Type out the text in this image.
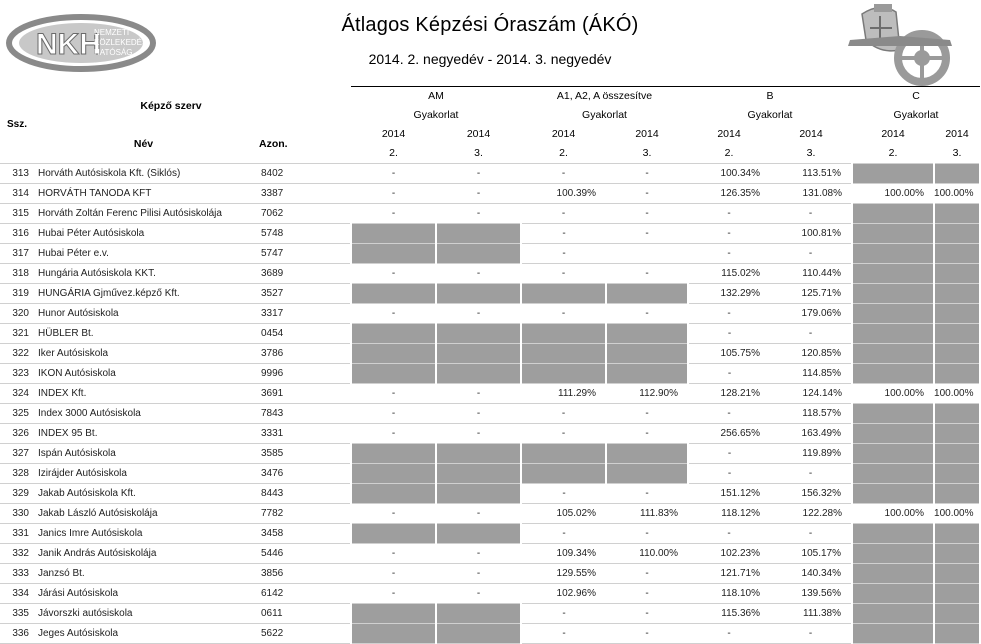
NKH
NEMZETI
KÖZLEKEDÉSI
HATÓSÁG
Átlagos Képzési Óraszám (ÁKÓ)
2014. 2. negyedév - 2014. 3. negyedév
Ssz.	Képző szerv			AM		A1, A2, A összesítve		B		C	
				Gyakorlat		Gyakorlat		Gyakorlat		Gyakorlat	
	Név	Azon.		2014	2014	2014	2014	2014	2014	2014	2014
				2.	3.	2.	3.	2.	3.	2.	3.
313	Horváth Autósiskola Kft. (Siklós)	8402		-	-	-	-	100.34%	113.51%		
314	HORVÁTH TANODA KFT	3387		-	-	100.39%	-	126.35%	131.08%	100.00%	100.00%
315	Horváth Zoltán Ferenc Pilisi Autósiskolája	7062		-	-	-	-	-	-		
316	Hubai Péter Autósiskola	5748				-	-	-	100.81%		
317	Hubai Péter e.v.	5747				-		-	-		
318	Hungária Autósiskola KKT.	3689		-	-	-	-	115.02%	110.44%		
319	HUNGÁRIA Gjművez.képző Kft.	3527						132.29%	125.71%		
320	Hunor Autósiskola	3317		-	-	-	-	-	179.06%		
321	HÜBLER Bt.	0454						-	-		
322	Iker Autósiskola	3786						105.75%	120.85%		
323	IKON Autósiskola	9996						-	114.85%		
324	INDEX Kft.	3691		-	-	111.29%	112.90%	128.21%	124.14%	100.00%	100.00%
325	Index 3000 Autósiskola	7843		-	-	-	-	-	118.57%		
326	INDEX 95 Bt.	3331		-	-	-	-	256.65%	163.49%		
327	Ispán Autósiskola	3585						-	119.89%		
328	Izirájder Autósiskola	3476						-	-		
329	Jakab Autósiskola Kft.	8443				-	-	151.12%	156.32%		
330	Jakab László Autósiskolája	7782		-	-	105.02%	111.83%	118.12%	122.28%	100.00%	100.00%
331	Janics Imre Autósiskola	3458				-	-	-	-		
332	Janik András Autósiskolája	5446		-	-	109.34%	110.00%	102.23%	105.17%		
333	Janzsó Bt.	3856		-	-	129.55%	-	121.71%	140.34%		
334	Járási Autósiskola	6142		-	-	102.96%	-	118.10%	139.56%		
335	Jávorszki autósiskola	0611				-	-	115.36%	111.38%		
336	Jeges Autósiskola	5622				-	-	-	-		
